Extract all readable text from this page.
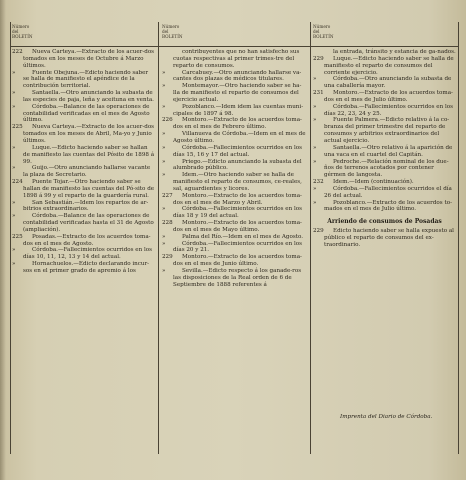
Número
del
BOLETÍN
Número
del
BOLETÍN
Número
del
BOLETÍN
222 Nueva Carteya.—Extracto de los acuer-dos tomados en los meses de Octubre á Marzo últimos.
»	Fuente Obejuna.—Edicto haciendo saber se halla de manifiesto el apéndice de la contribución territorial.
»	Santaella.—Otro anunciando la subasta de las especies de paja, leña y aceituna en venta.
»	Córdoba.—Balance de las operaciones de contabilidad verificadas en el mes de Agosto último.
225 Nueva Carteya.—Extracto de los acuer-dos tomados en los meses de Abril, Ma-yo y Junio últimos.
»	Luque.—Edicto haciendo saber se hallan de manifiesto las cuentas del Pósito de 1898 á 99.
»	Guijo.—Otro anunciando hallarse vacante la plaza de Secretario.
224 Puente Tojar.—Otro haciendo saber se hallan de manifiesto las cuentas del Pó-sito de 1898 á 99 y el reparto de la guardería rural.
»	San Sebastián.—Idem los repartos de ar-bitrios extraordinarios.
»	Córdoba.—Balance de las operaciones de contabilidad verificadas hasta el 31 de Agosto (ampliación).
225 Posadas.—Extracto de los acuerdos toma-dos en el mes de Agosto.
»	Córdoba.—Fallecimientos ocurridos en los días 10, 11, 12, 13 y 14 del actual.
»	Hornachuelos.—Edicto declarando incur-sos en el primer grado de apremio á los
contribuyentes que no han satisfecho sus cuotas respectivas al primer trimes-tre del reparto de consumos.
»	Carcabuey.—Otro anunciando hallarse va-cantes dos plazas de médicos titulares.
»	Montemayor.—Otro haciendo saber se ha-lla de manifiesto el reparto de consumos del ejercicio actual.
»	Pozoblanco.—Idem idem las cuentas muni-cipales de 1897 á 98.
226 Montoro.—Extracto de los acuerdos toma-dos en el mes de Febrero último.
»	Villanueva de Córdoba.—Idem en el mes de Agosto último.
»	Córdoba.—Fallecimientos ocurridos en los días 15, 16 y 17 del actual.
»	Priego.—Edicto anunciando la subasta del alumbrado público.
»	Idem.—Otro haciendo saber se halla de manifiesto el reparto de consumos, ce-reales, sal, aguardientes y licores.
227 Montoro.—Extracto de los acuerdos toma-dos en el mes de Marzo y Abril.
»	Córdoba.—Fallecimientos ocurridos en los días 18 y 19 del actual.
228 Montoro.—Extracto de los acuerdos toma-dos en el mes de Mayo último.
»	Palma del Río.—Idem en el mes de Agosto.
»	Córdoba.—Fallecimientos ocurridos en los días 20 y 21.
229 Montoro.—Extracto de los acuerdos toma-dos en el mes de Junio último.
»	Sevilla.—Edicto respecto á los ganade-ros las disposiciones de la Real orden de 6 de Septiembre de 1888 referentes á
la entrada, tránsito y estancia de ga-nados.
229 Luque.—Edicto haciendo saber se halla de manifiesto el reparto de consumos del corriente ejercicio.
»	Córdoba.—Otro anunciando la subasta de una caballería mayor.
231 Montoro.—Extracto de los acuerdos toma-dos en el mes de Julio último.
»	Córdoba.—Fallecimientos ocurridos en los días 22, 23, 24 y 25.
»	Fuente Palmera.—Edicto relativo á la co-branza del primer trimestre del reparto de consumos y arbitrios extraordinarios del actual ejercicio.
»	Santaella.—Otro relativo á la aparición de una vaca en el cuartel del Capitán.
»	Pedroche.—Relación nominal de los due-ños de terrenos acotados por contener gérmen de langosta.
232 Idem.—Idem (continuación).
»	Córdoba.—Fallecimientos ocurridos el día 26 del actual.
»	Pozoblanco.—Extracto de los acuerdos to-mados en el mes de Julio último.
Arriendo de consumos de Posadas
229 Edicto haciendo saber se halla expuesto al público el reparto de consumos del ex-traordinario.
Imprenta del Diario de Córdoba.
